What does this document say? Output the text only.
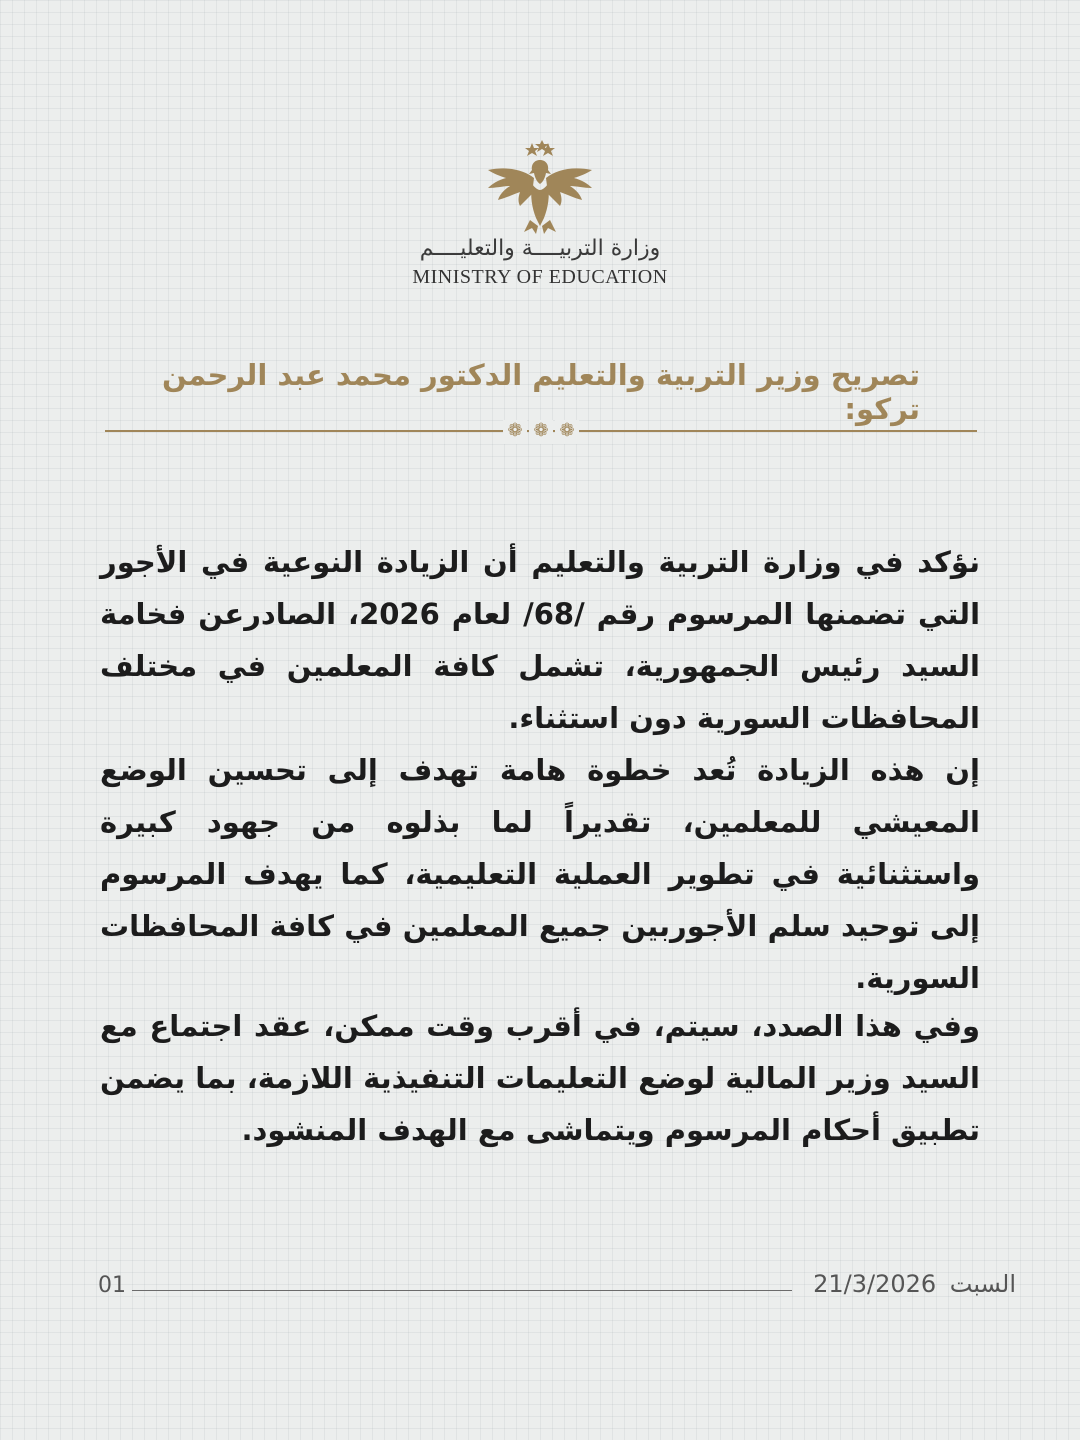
وزارة التربيــــة والتعليــــم
MINISTRY OF EDUCATION
تصريح وزير التربية والتعليم الدكتور محمد عبد الرحمن تركو:
❁ ❁ ❁
نؤكد في وزارة التربية والتعليم أن الزيادة النوعية في الأجور التي تضمنها المرسوم رقم /68/ لعام 2026، الصادرعن فخامة السيد رئيس الجمهورية، تشمل كافة المعلمين في مختلف المحافظات السورية دون استثناء.
إن هذه الزيادة تُعد خطوة هامة تهدف إلى تحسين الوضع المعيشي للمعلمين، تقديراً لما بذلوه من جهود كبيرة واستثنائية في تطوير العملية التعليمية، كما يهدف المرسوم إلى توحيد سلم الأجوربين جميع المعلمين في كافة المحافظات السورية.
وفي هذا الصدد، سيتم، في أقرب وقت ممكن، عقد اجتماع مع السيد وزير المالية لوضع التعليمات التنفيذية اللازمة، بما يضمن تطبيق أحكام المرسوم ويتماشى مع الهدف المنشود.
السبت 21/3/2026
01
